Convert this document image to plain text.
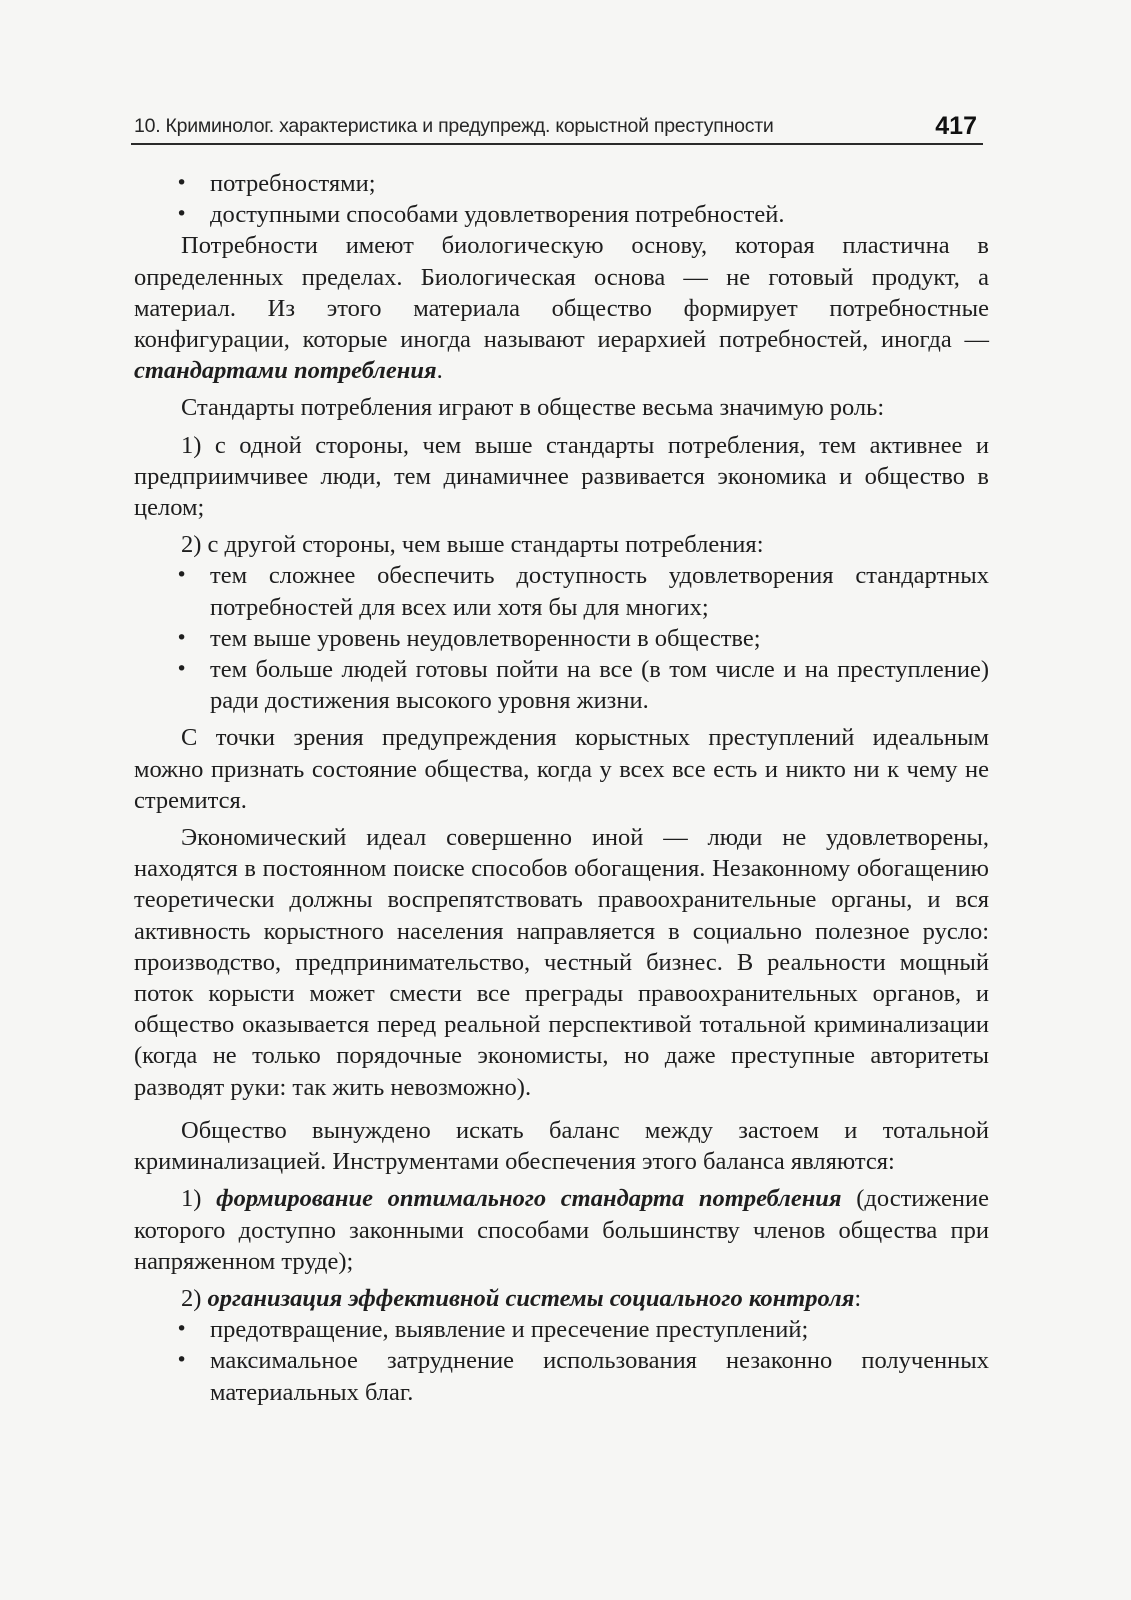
10. Криминолог. характеристика и предупрежд. корыстной преступности	417

• потребностями;

• доступными способами удовлетворения потребностей.

Потребности имеют биологическую основу, которая пластична в определенных пределах. Биологическая основа — не готовый продукт, а материал. Из этого материала общество формирует потребностные конфигурации, которые иногда называют иерархией потребностей, иногда — стандартами потребления.

Стандарты потребления играют в обществе весьма значимую роль:

1) с одной стороны, чем выше стандарты потребления, тем активнее и предприимчивее люди, тем динамичнее развивается экономика и общество в целом;

2) с другой стороны, чем выше стандарты потребления:

• тем сложнее обеспечить доступность удовлетворения стандартных потребностей для всех или хотя бы для многих;

• тем выше уровень неудовлетворенности в обществе;

• тем больше людей готовы пойти на все (в том числе и на преступление) ради достижения высокого уровня жизни.

С точки зрения предупреждения корыстных преступлений идеальным можно признать состояние общества, когда у всех все есть и никто ни к чему не стремится.

Экономический идеал совершенно иной — люди не удовлетворены, находятся в постоянном поиске способов обогащения. Незаконному обогащению теоретически должны воспрепятствовать правоохранительные органы, и вся активность корыстного населения направляется в социально полезное русло: производство, предпринимательство, честный бизнес. В реальности мощный поток корысти может смести все преграды правоохранительных органов, и общество оказывается перед реальной перспективой тотальной криминализации (когда не только порядочные экономисты, но даже преступные авторитеты разводят руки: так жить невозможно).

Общество вынуждено искать баланс между застоем и тотальной криминализацией. Инструментами обеспечения этого баланса являются:

1) формирование оптимального стандарта потребления (достижение которого доступно законными способами большинству членов общества при напряженном труде);

2) организация эффективной системы социального контроля:

• предотвращение, выявление и пресечение преступлений;

• максимальное затруднение использования незаконно полученных материальных благ.
